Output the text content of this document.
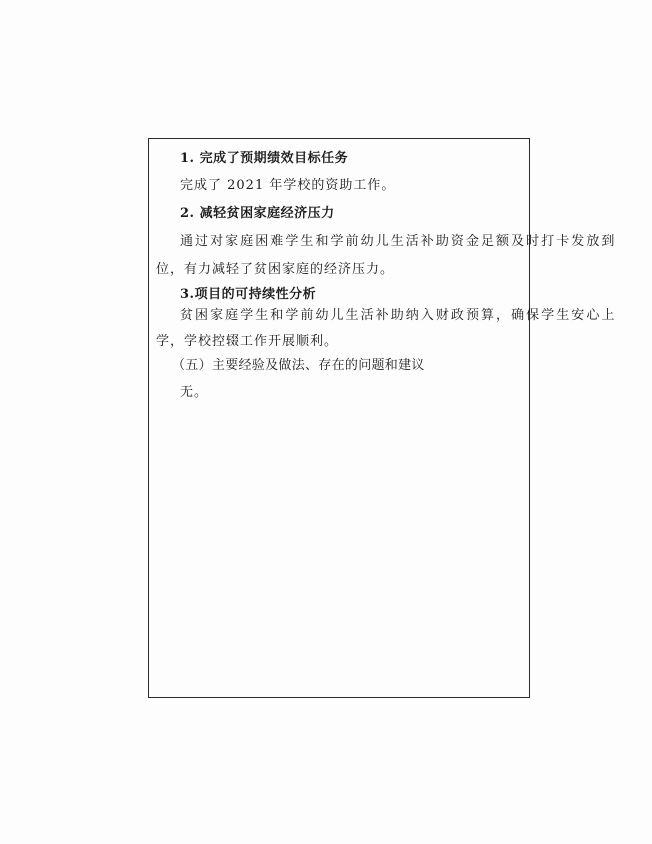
1. 完成了预期绩效目标任务
完成了 2021 年学校的资助工作。
2. 减轻贫困家庭经济压力
通过对家庭困难学生和学前幼儿生活补助资金足额及时打卡发放到
位，有力减轻了贫困家庭的经济压力。
3.项目的可持续性分析
贫困家庭学生和学前幼儿生活补助纳入财政预算，确保学生安心上
学，学校控辍工作开展顺利。
（五）主要经验及做法、存在的问题和建议
无。
